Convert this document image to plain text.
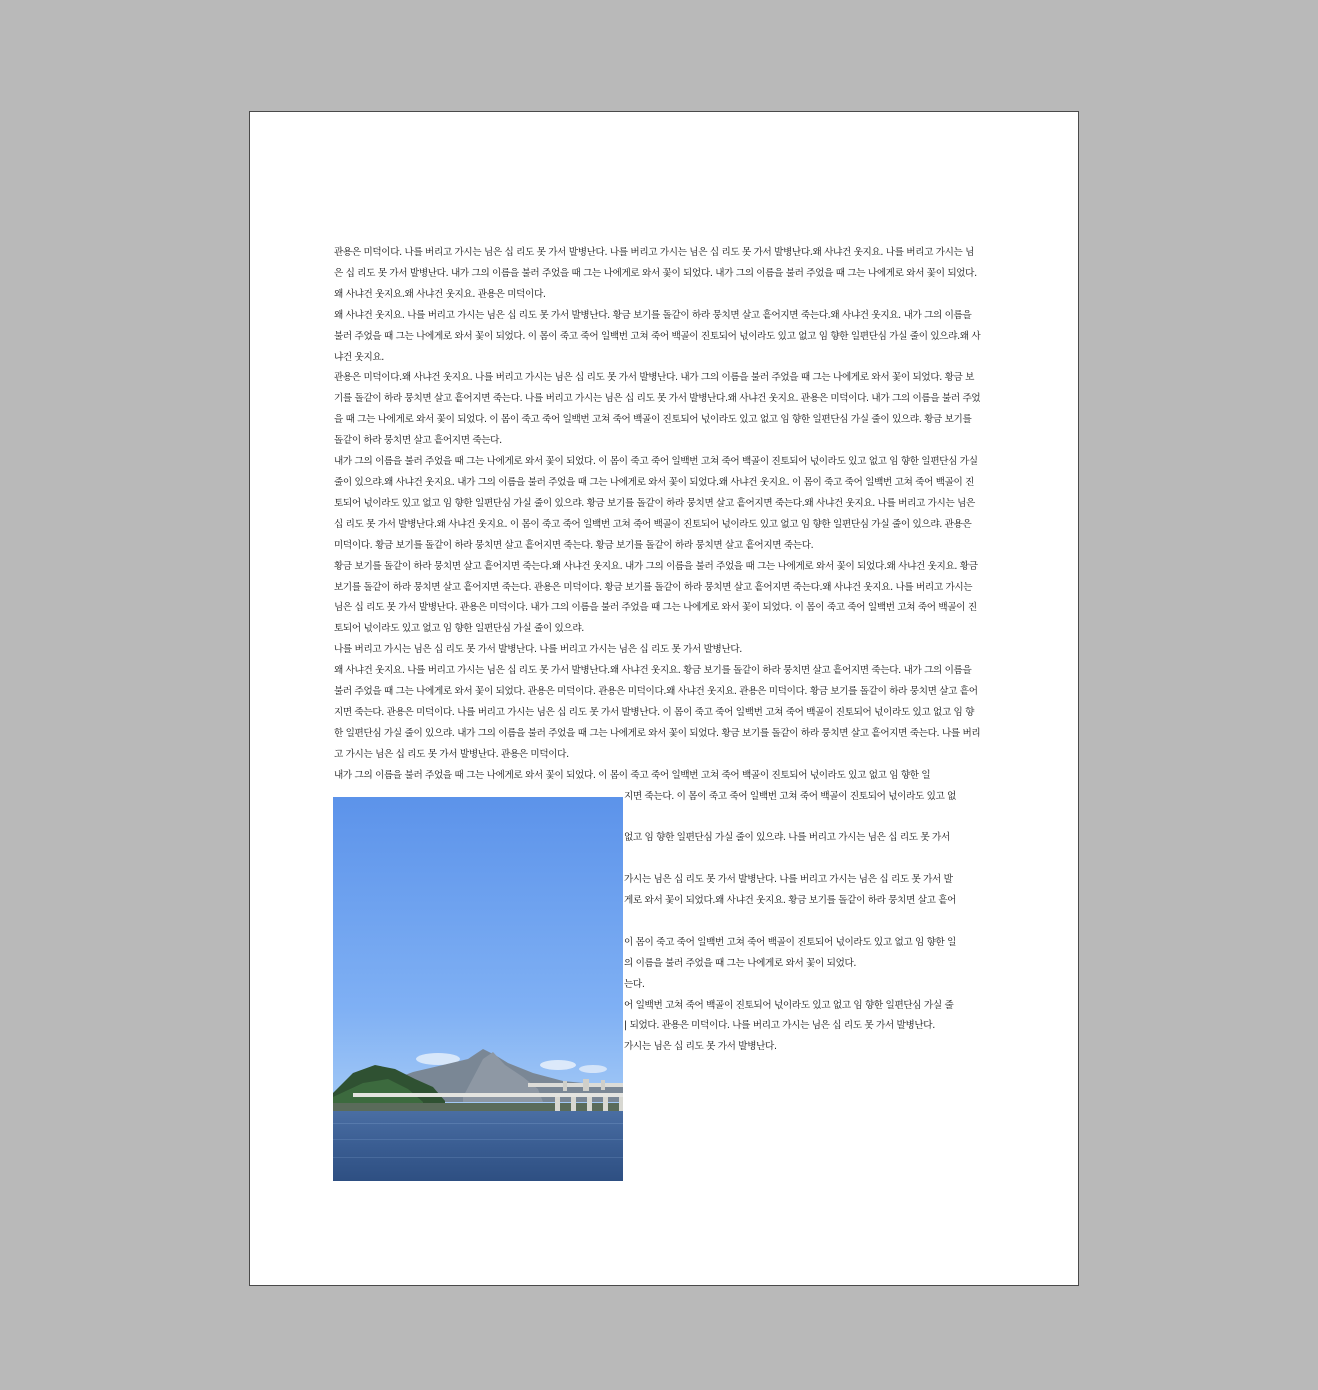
관용은 미덕이다. 나를 버리고 가시는 님은 십 리도 못 가서 발병난다. 나를 버리고 가시는 님은 십 리도 못 가서 발병난다.왜 사냐건 웃지요. 나를 버리고 가시는 님은 십 리도 못 가서 발병난다. 내가 그의 이름을 불러 주었을 때 그는 나에게로 와서 꽃이 되었다. 내가 그의 이름을 불러 주었을 때 그는 나에게로 와서 꽃이 되었다.왜 사냐건 웃지요.왜 사냐건 웃지요. 관용은 미덕이다.

왜 사냐건 웃지요. 나를 버리고 가시는 님은 십 리도 못 가서 발병난다. 황금 보기를 돌같이 하라 뭉치면 살고 흩어지면 죽는다.왜 사냐건 웃지요. 내가 그의 이름을 불러 주었을 때 그는 나에게로 와서 꽃이 되었다. 이 몸이 죽고 죽어 일백번 고쳐 죽어 백골이 진토되어 넋이라도 있고 없고 임 향한 일편단심 가실 줄이 있으랴.왜 사냐건 웃지요.

관용은 미덕이다.왜 사냐건 웃지요. 나를 버리고 가시는 님은 십 리도 못 가서 발병난다. 내가 그의 이름을 불러 주었을 때 그는 나에게로 와서 꽃이 되었다. 황금 보기를 돌같이 하라 뭉치면 살고 흩어지면 죽는다. 나를 버리고 가시는 님은 십 리도 못 가서 발병난다.왜 사냐건 웃지요. 관용은 미덕이다. 내가 그의 이름을 불러 주었을 때 그는 나에게로 와서 꽃이 되었다. 이 몸이 죽고 죽어 일백번 고쳐 죽어 백골이 진토되어 넋이라도 있고 없고 임 향한 일편단심 가실 줄이 있으랴. 황금 보기를 돌같이 하라 뭉치면 살고 흩어지면 죽는다.

내가 그의 이름을 불러 주었을 때 그는 나에게로 와서 꽃이 되었다. 이 몸이 죽고 죽어 일백번 고쳐 죽어 백골이 진토되어 넋이라도 있고 없고 임 향한 일편단심 가실 줄이 있으랴.왜 사냐건 웃지요. 내가 그의 이름을 불러 주었을 때 그는 나에게로 와서 꽃이 되었다.왜 사냐건 웃지요. 이 몸이 죽고 죽어 일백번 고쳐 죽어 백골이 진토되어 넋이라도 있고 없고 임 향한 일편단심 가실 줄이 있으랴. 황금 보기를 돌같이 하라 뭉치면 살고 흩어지면 죽는다.왜 사냐건 웃지요. 나를 버리고 가시는 님은 십 리도 못 가서 발병난다.왜 사냐건 웃지요. 이 몸이 죽고 죽어 일백번 고쳐 죽어 백골이 진토되어 넋이라도 있고 없고 임 향한 일편단심 가실 줄이 있으랴. 관용은 미덕이다. 황금 보기를 돌같이 하라 뭉치면 살고 흩어지면 죽는다. 황금 보기를 돌같이 하라 뭉치면 살고 흩어지면 죽는다.

황금 보기를 돌같이 하라 뭉치면 살고 흩어지면 죽는다.왜 사냐건 웃지요. 내가 그의 이름을 불러 주었을 때 그는 나에게로 와서 꽃이 되었다.왜 사냐건 웃지요. 황금 보기를 돌같이 하라 뭉치면 살고 흩어지면 죽는다. 관용은 미덕이다. 황금 보기를 돌같이 하라 뭉치면 살고 흩어지면 죽는다.왜 사냐건 웃지요. 나를 버리고 가시는 님은 십 리도 못 가서 발병난다. 관용은 미덕이다. 내가 그의 이름을 불러 주었을 때 그는 나에게로 와서 꽃이 되었다. 이 몸이 죽고 죽어 일백번 고쳐 죽어 백골이 진토되어 넋이라도 있고 없고 임 향한 일편단심 가실 줄이 있으랴.

나를 버리고 가시는 님은 십 리도 못 가서 발병난다. 나를 버리고 가시는 님은 십 리도 못 가서 발병난다.

왜 사냐건 웃지요. 나를 버리고 가시는 님은 십 리도 못 가서 발병난다.왜 사냐건 웃지요. 황금 보기를 돌같이 하라 뭉치면 살고 흩어지면 죽는다. 내가 그의 이름을 불러 주었을 때 그는 나에게로 와서 꽃이 되었다. 관용은 미덕이다. 관용은 미덕이다.왜 사냐건 웃지요. 관용은 미덕이다. 황금 보기를 돌같이 하라 뭉치면 살고 흩어지면 죽는다. 관용은 미덕이다. 나를 버리고 가시는 님은 십 리도 못 가서 발병난다. 이 몸이 죽고 죽어 일백번 고쳐 죽어 백골이 진토되어 넋이라도 있고 없고 임 향한 일편단심 가실 줄이 있으랴. 내가 그의 이름을 불러 주었을 때 그는 나에게로 와서 꽃이 되었다. 황금 보기를 돌같이 하라 뭉치면 살고 흩어지면 죽는다. 나를 버리고 가시는 님은 십 리도 못 가서 발병난다. 관용은 미덕이다.

내가 그의 이름을 불러 주었을 때 그는 나에게로 와서 꽃이 되었다. 이 몸이 죽고 죽어 일백번 고쳐 죽어 백골이 진토되어 넋이라도 있고 없고 임 향한 일

지면 죽는다. 이 몸이 죽고 죽어 일백번 고쳐 죽어 백골이 진토되어 넋이라도 있고 없

없고 임 향한 일편단심 가실 줄이 있으랴. 나를 버리고 가시는 님은 십 리도 못 가서

가시는 님은 십 리도 못 가서 발병난다. 나를 버리고 가시는 님은 십 리도 못 가서 발

게로 와서 꽃이 되었다.왜 사냐건 웃지요. 황금 보기를 돌같이 하라 뭉치면 살고 흩어

이 몸이 죽고 죽어 일백번 고쳐 죽어 백골이 진토되어 넋이라도 있고 없고 임 향한 일

의 이름을 불러 주었을 때 그는 나에게로 와서 꽃이 되었다.

는다.

어 일백번 고쳐 죽어 백골이 진토되어 넋이라도 있고 없고 임 향한 일편단심 가실 줄

| 되었다. 관용은 미덕이다. 나를 버리고 가시는 님은 십 리도 못 가서 발병난다.

가시는 님은 십 리도 못 가서 발병난다.
